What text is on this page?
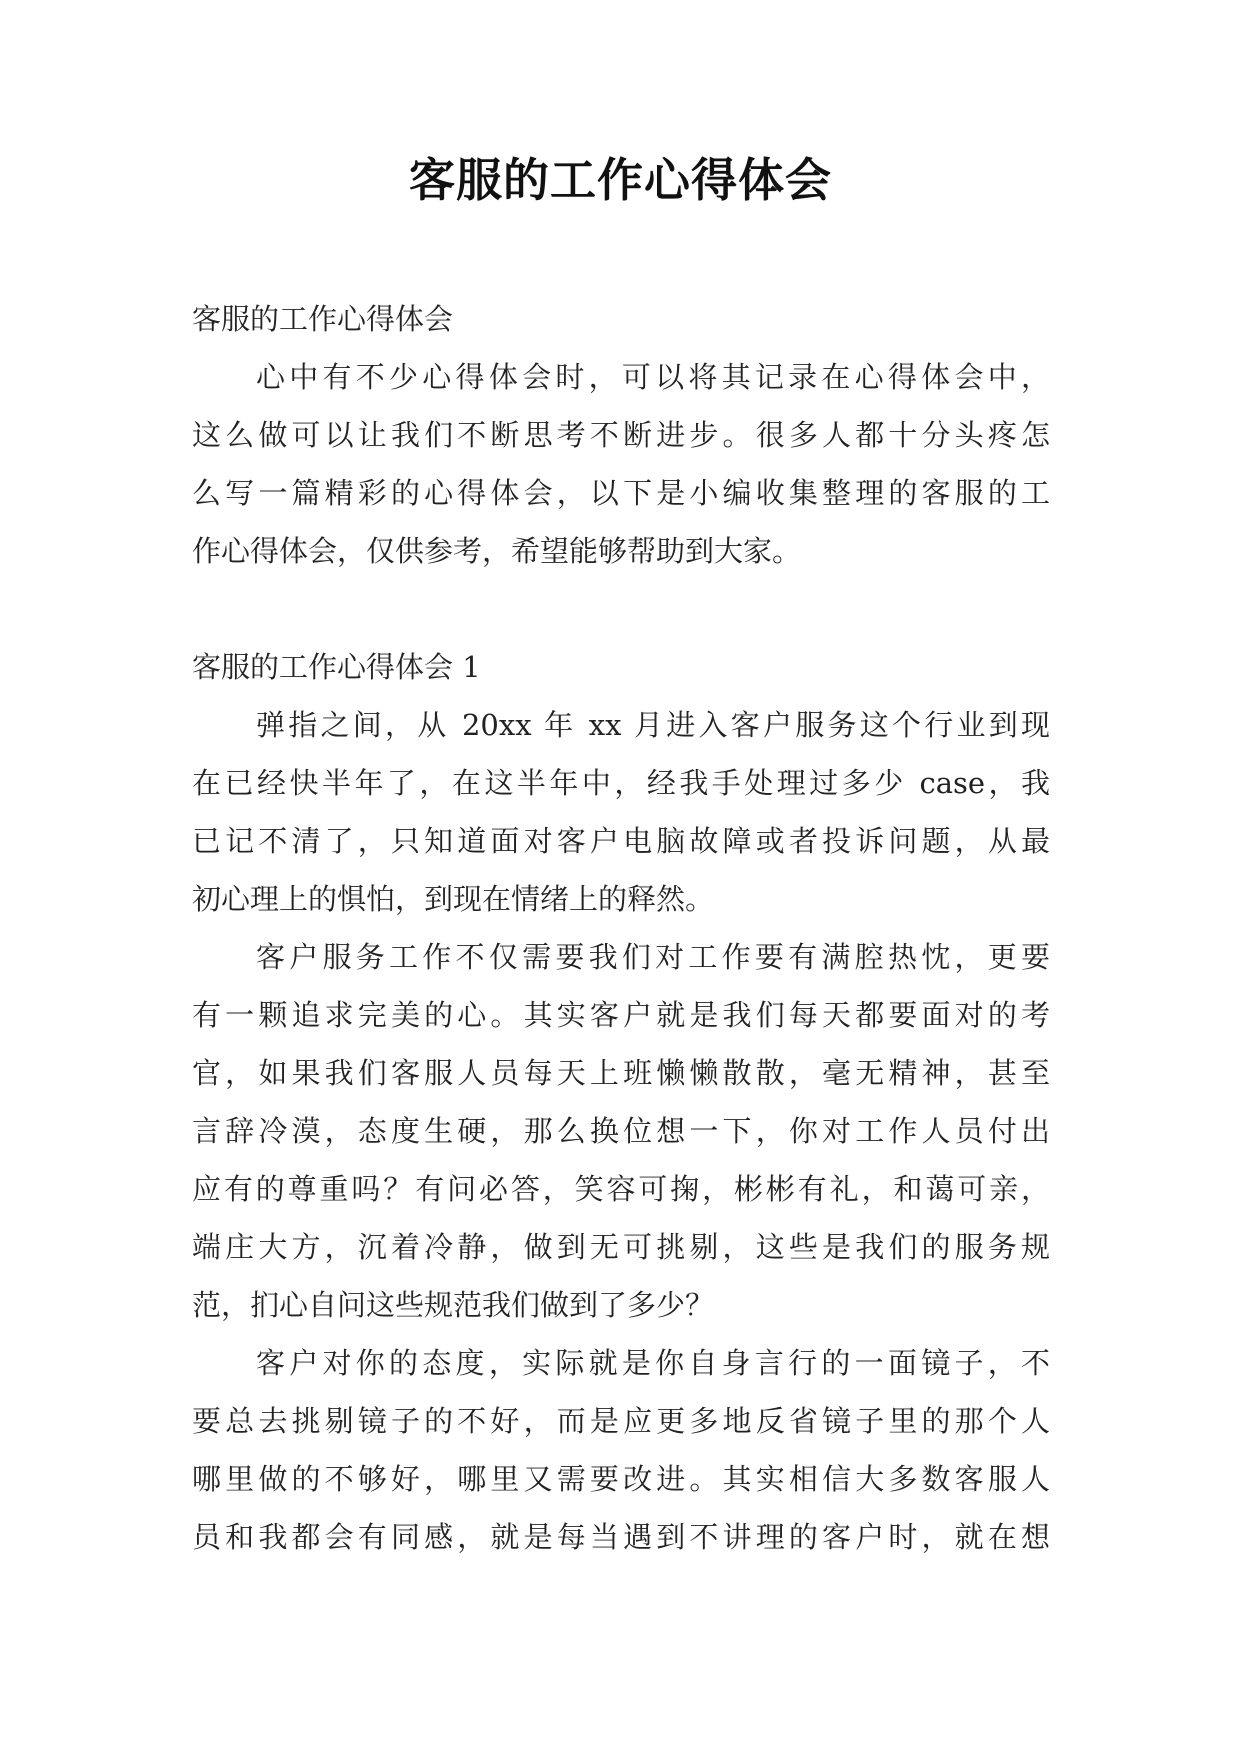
客服的工作心得体会
客服的工作心得体会
心中有不少心得体会时，可以将其记录在心得体会中，
这么做可以让我们不断思考不断进步。很多人都十分头疼怎
么写一篇精彩的心得体会，以下是小编收集整理的客服的工
作心得体会，仅供参考，希望能够帮助到大家。
客服的工作心得体会 1
弹指之间，从 20xx 年 xx 月进入客户服务这个行业到现
在已经快半年了，在这半年中，经我手处理过多少 case，我
已记不清了，只知道面对客户电脑故障或者投诉问题，从最
初心理上的惧怕，到现在情绪上的释然。
客户服务工作不仅需要我们对工作要有满腔热忱，更要
有一颗追求完美的心。其实客户就是我们每天都要面对的考
官，如果我们客服人员每天上班懒懒散散，毫无精神，甚至
言辞冷漠，态度生硬，那么换位想一下，你对工作人员付出
应有的尊重吗？有问必答，笑容可掬，彬彬有礼，和蔼可亲，
端庄大方，沉着冷静，做到无可挑剔，这些是我们的服务规
范，扪心自问这些规范我们做到了多少？
客户对你的态度，实际就是你自身言行的一面镜子，不
要总去挑剔镜子的不好，而是应更多地反省镜子里的那个人
哪里做的不够好，哪里又需要改进。其实相信大多数客服人
员和我都会有同感，就是每当遇到不讲理的客户时，就在想
